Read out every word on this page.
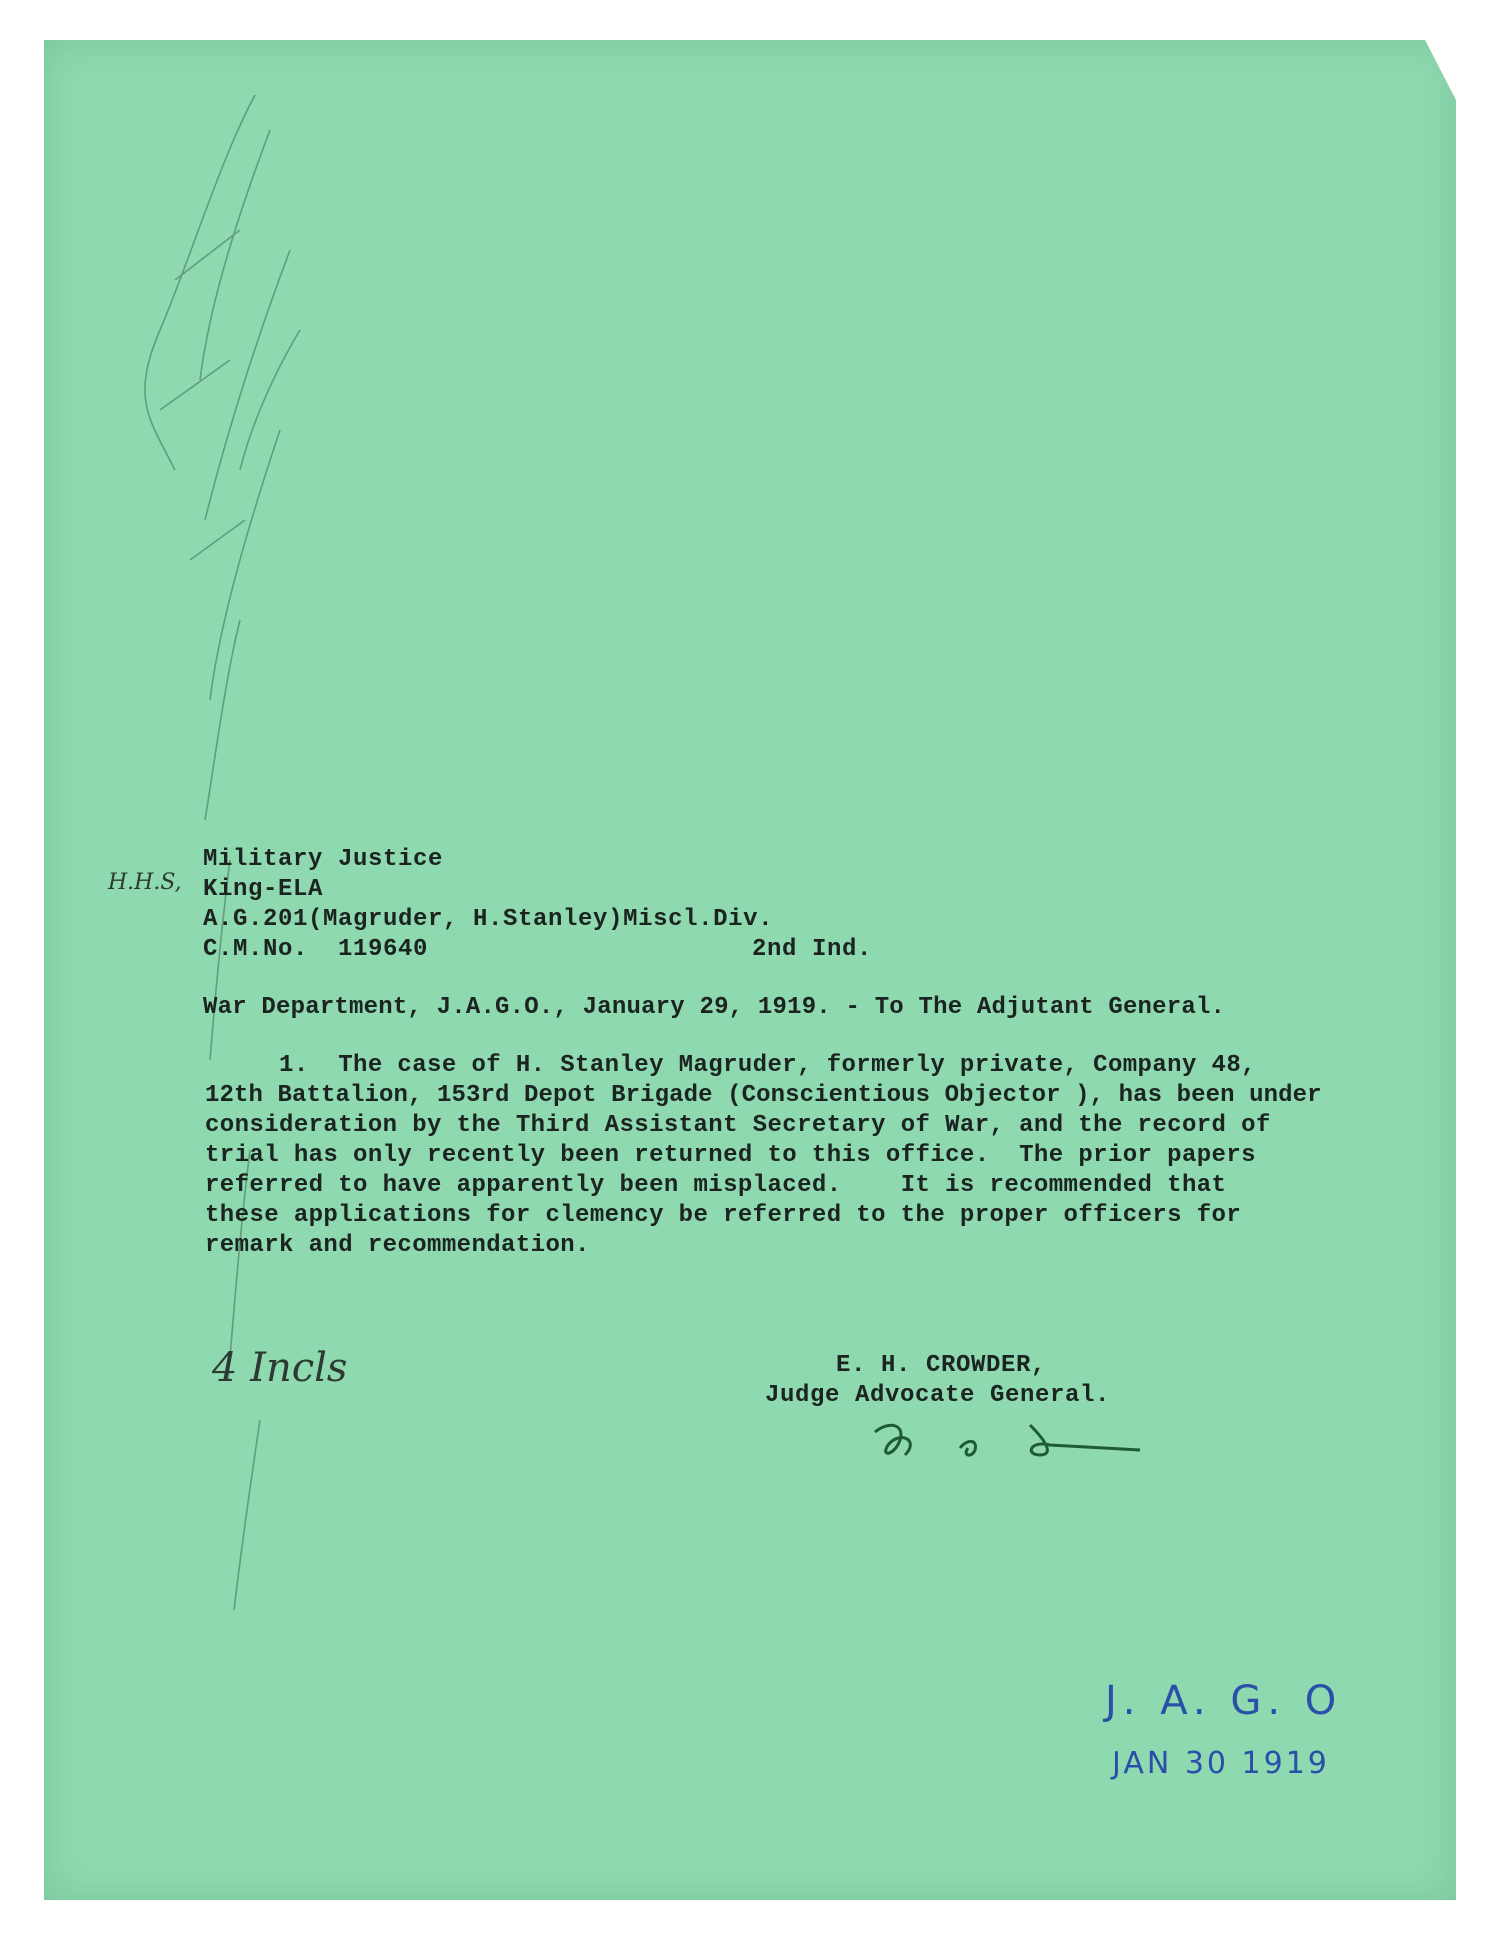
H.H.S,
Military Justice
King-ELA
A.G.201(Magruder, H.Stanley)Miscl.Div.
C.M.No.  119640	2nd Ind.
War Department, J.A.G.O., January 29, 1919. - To The Adjutant General.
1.  The case of H. Stanley Magruder, formerly private, Company 48,
12th Battalion, 153rd Depot Brigade (Conscientious Objector ), has been under
consideration by the Third Assistant Secretary of War, and the record of
trial has only recently been returned to this office.  The prior papers
referred to have apparently been misplaced.    It is recommended that
these applications for clemency be referred to the proper officers for
remark and recommendation.
4 Incls	E. H. CROWDER,
Judge Advocate General.
J. A. G. O
JAN 30 1919
